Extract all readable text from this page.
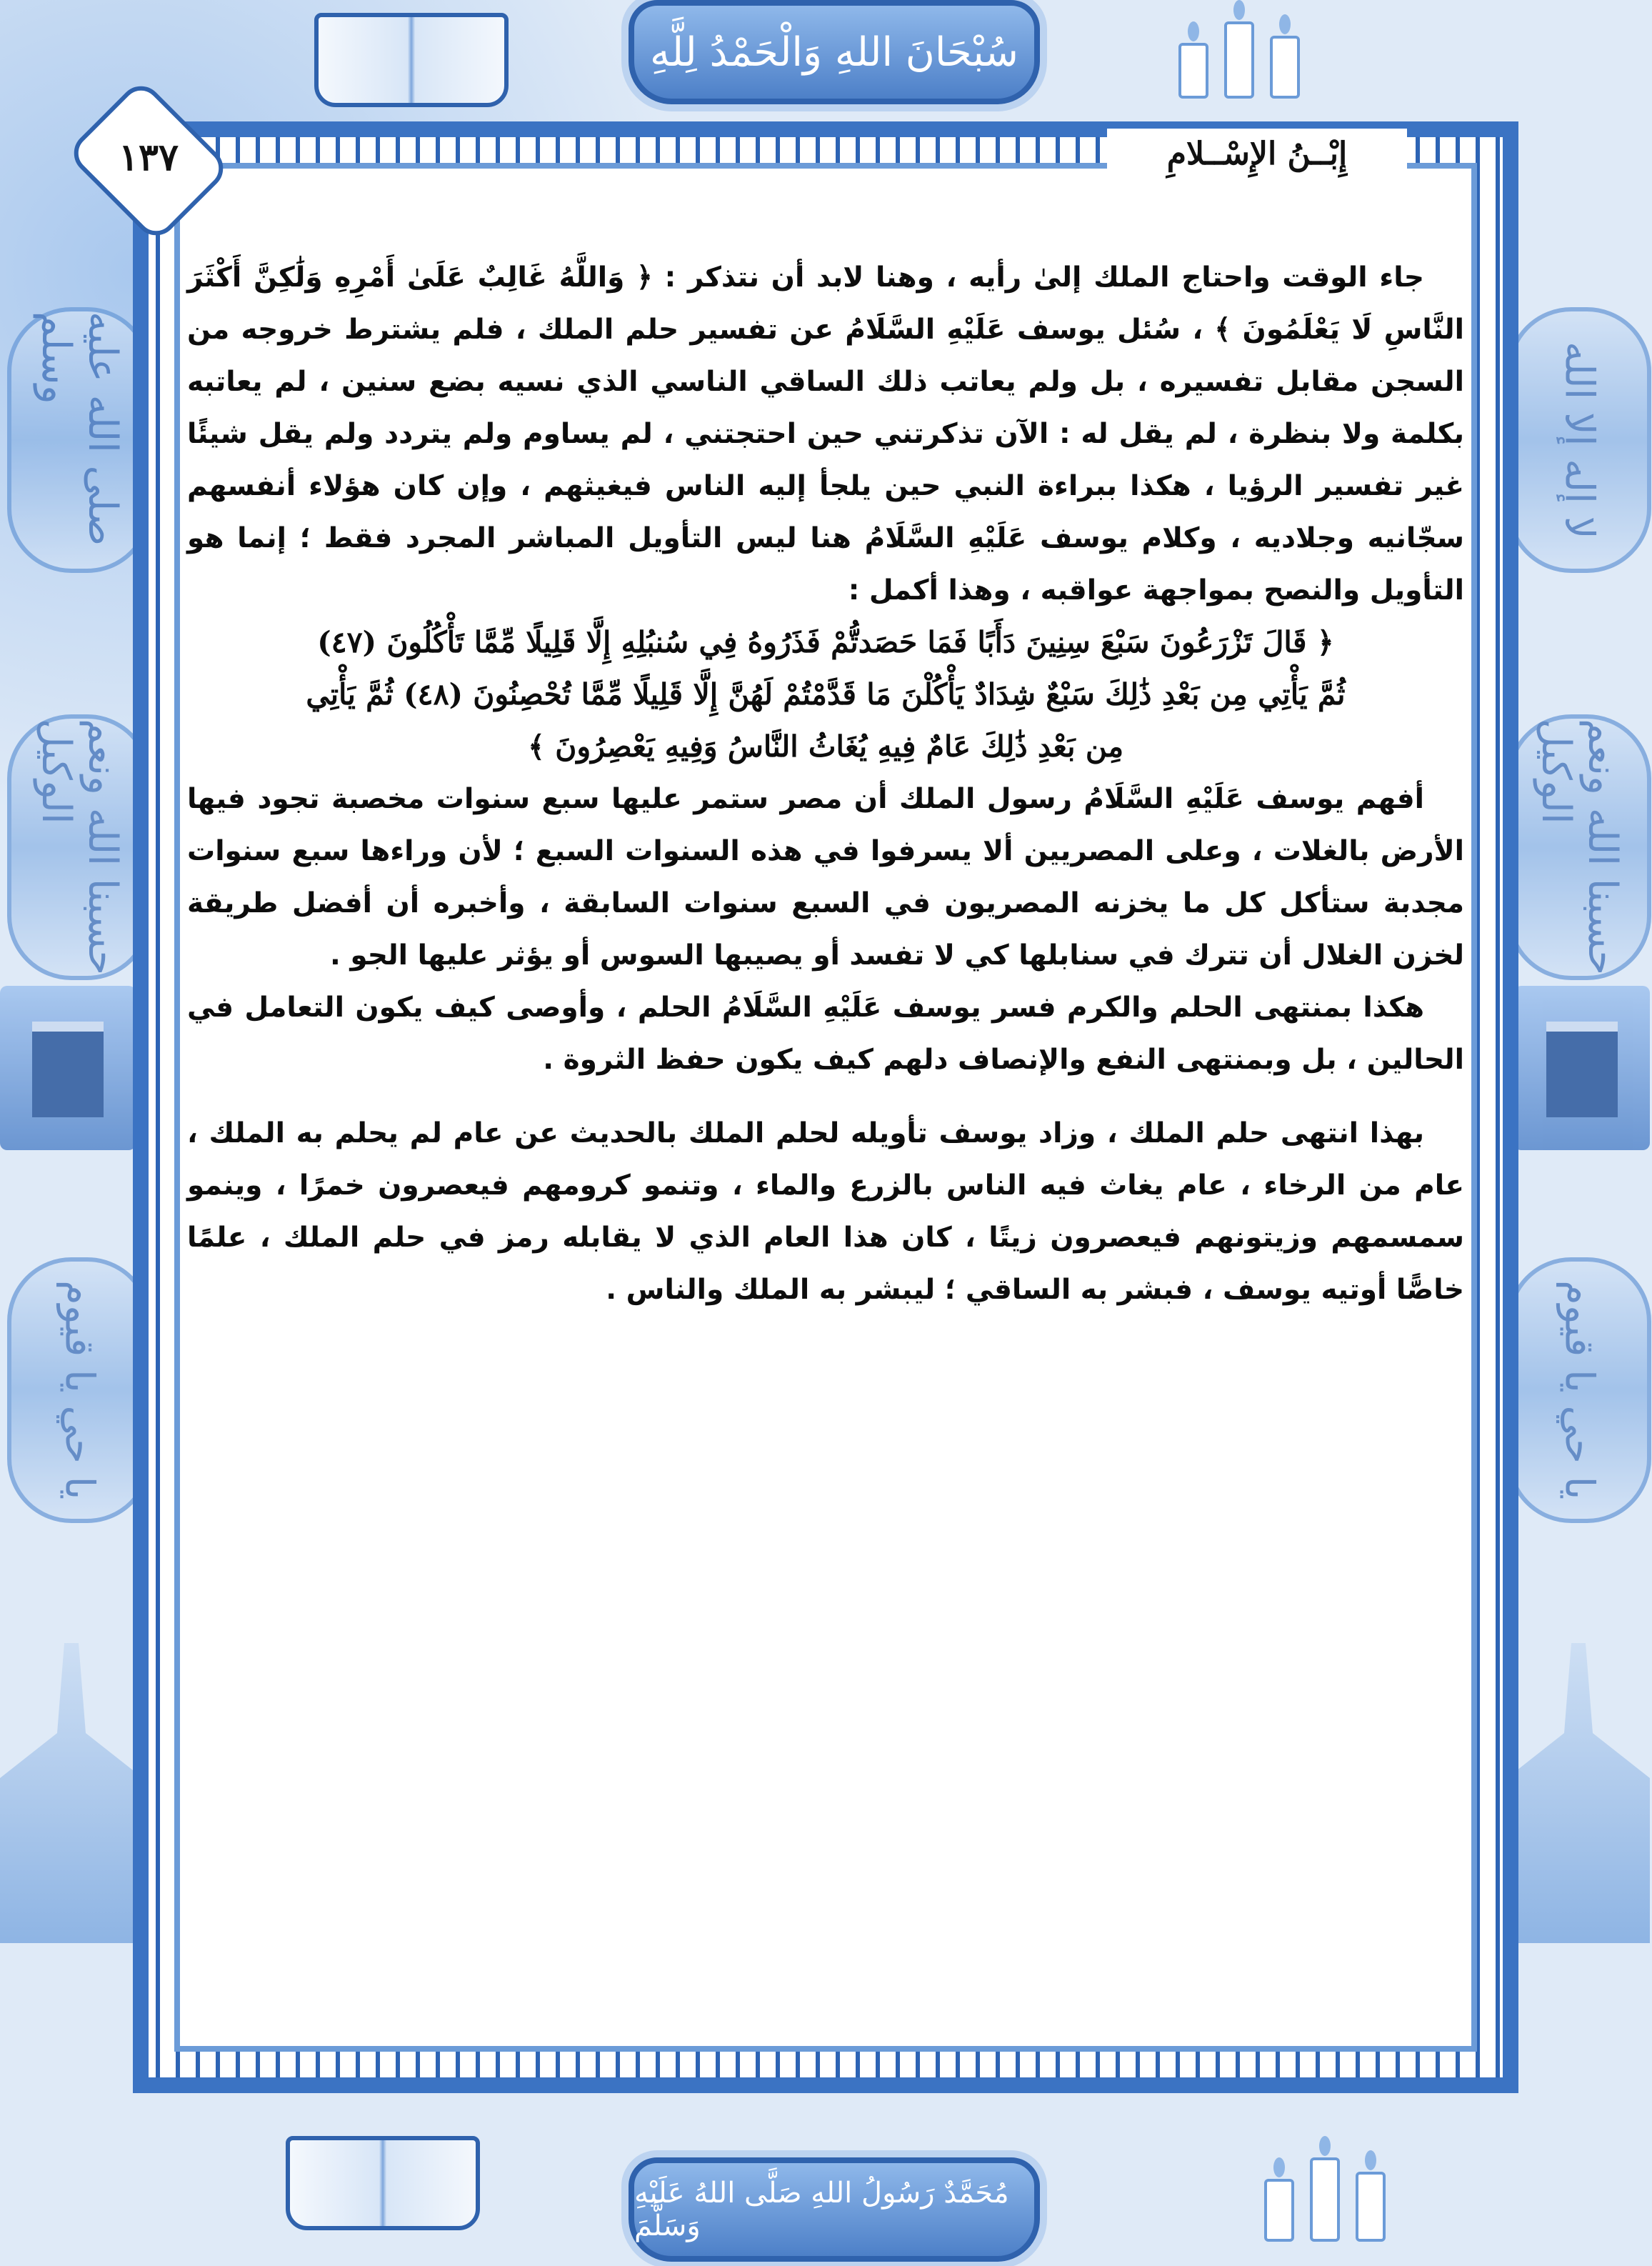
سُبْحَانَ اللهِ وَالْحَمْدُ لِلَّهِ
صلى الله عليه وسلم	لا إله إلا الله
حسبنا الله ونعم الوكيل	حسبنا الله ونعم الوكيل
يا حي يا قيوم	يا حي يا قيوم
إِبْــنُ الإِسْــلامِ
١٣٧

جاء الوقت واحتاج الملك إلىٰ رأيه ، وهنا لابد أن نتذكر : ﴿ وَاللَّهُ غَالِبٌ عَلَىٰ أَمْرِهِ وَلَٰكِنَّ أَكْثَرَ النَّاسِ لَا يَعْلَمُونَ ﴾ ، سُئل يوسف عَلَيْهِ السَّلَامُ عن تفسير حلم الملك ، فلم يشترط خروجه من السجن مقابل تفسيره ، بل ولم يعاتب ذلك الساقي الناسي الذي نسيه بضع سنين ، لم يعاتبه بكلمة ولا بنظرة ، لم يقل له : الآن تذكرتني حين احتجتني ، لم يساوم ولم يتردد ولم يقل شيئًا غير تفسير الرؤيا ، هكذا ببراءة النبي حين يلجأ إليه الناس فيغيثهم ، وإن كان هؤلاء أنفسهم سجّانيه وجلاديه ، وكلام يوسف عَلَيْهِ السَّلَامُ هنا ليس التأويل المباشر المجرد فقط ؛ إنما هو التأويل والنصح بمواجهة عواقبه ، وهذا أكمل :

﴿ قَالَ تَزْرَعُونَ سَبْعَ سِنِينَ دَأَبًا فَمَا حَصَدتُّمْ فَذَرُوهُ فِي سُنبُلِهِ إِلَّا قَلِيلًا مِّمَّا تَأْكُلُونَ (٤٧)

ثُمَّ يَأْتِي مِن بَعْدِ ذَٰلِكَ سَبْعٌ شِدَادٌ يَأْكُلْنَ مَا قَدَّمْتُمْ لَهُنَّ إِلَّا قَلِيلًا مِّمَّا تُحْصِنُونَ (٤٨) ثُمَّ يَأْتِي

مِن بَعْدِ ذَٰلِكَ عَامٌ فِيهِ يُغَاثُ النَّاسُ وَفِيهِ يَعْصِرُونَ ﴾

أفهم يوسف عَلَيْهِ السَّلَامُ رسول الملك أن مصر ستمر عليها سبع سنوات مخصبة تجود فيها الأرض بالغلات ، وعلى المصريين ألا يسرفوا في هذه السنوات السبع ؛ لأن وراءها سبع سنوات مجدبة ستأكل كل ما يخزنه المصريون في السبع سنوات السابقة ، وأخبره أن أفضل طريقة لخزن الغلال أن تترك في سنابلها كي لا تفسد أو يصيبها السوس أو يؤثر عليها الجو .

هكذا بمنتهى الحلم والكرم فسر يوسف عَلَيْهِ السَّلَامُ الحلم ، وأوصى كيف يكون التعامل في الحالين ، بل وبمنتهى النفع والإنصاف دلهم كيف يكون حفظ الثروة .

بهذا انتهى حلم الملك ، وزاد يوسف تأويله لحلم الملك بالحديث عن عام لم يحلم به الملك ، عام من الرخاء ، عام يغاث فيه الناس بالزرع والماء ، وتنمو كرومهم فيعصرون خمرًا ، وينمو سمسمهم وزيتونهم فيعصرون زيتًا ، كان هذا العام الذي لا يقابله رمز في حلم الملك ، علمًا خاصًّا أوتيه يوسف ، فبشر به الساقي ؛ ليبشر به الملك والناس .

مُحَمَّدٌ رَسُولُ اللهِ صَلَّى اللهُ عَلَيْهِ وَسَلَّمَ
